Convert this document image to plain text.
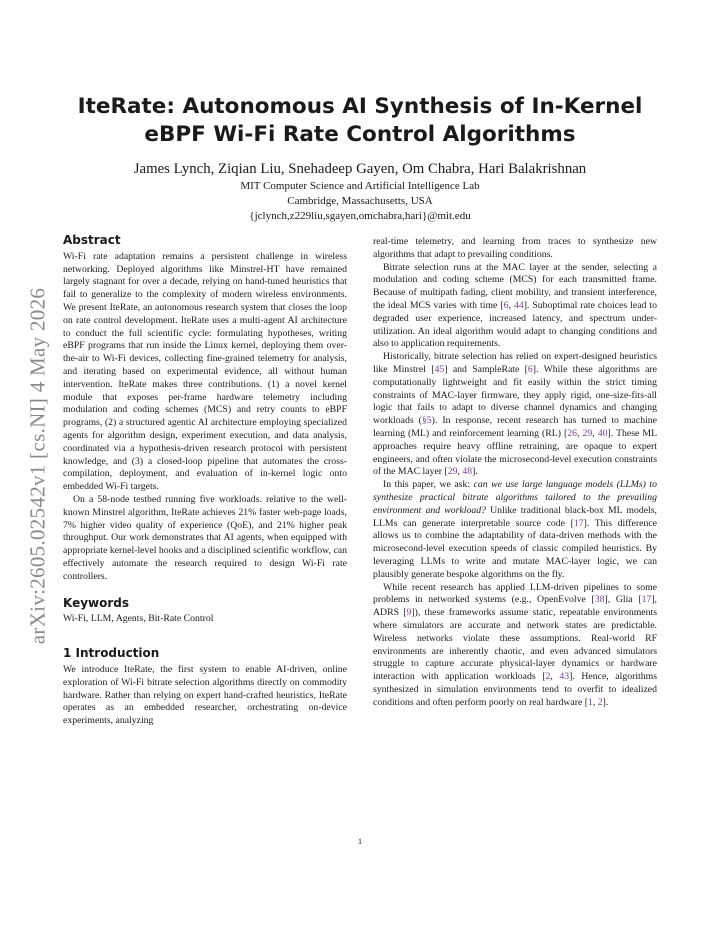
arXiv:2605.02542v1 [cs.NI] 4 May 2026
IteRate: Autonomous AI Synthesis of In-Kernel eBPF Wi-Fi Rate Control Algorithms

James Lynch, Ziqian Liu, Snehadeep Gayen, Om Chabra, Hari Balakrishnan

MIT Computer Science and Artificial Intelligence Lab

Cambridge, Massachusetts, USA

{jclynch,z229liu,sgayen,omchabra,hari}@mit.edu

Abstract

Wi-Fi rate adaptation remains a persistent challenge in wireless networking. Deployed algorithms like Minstrel-HT have remained largely stagnant for over a decade, relying on hand-tuned heuristics that fail to generalize to the complexity of modern wireless environments. We present IteRate, an autonomous research system that closes the loop on rate control development. IteRate uses a multi-agent AI architecture to conduct the full scientific cycle: formulating hypotheses, writing eBPF programs that run inside the Linux kernel, deploying them over-the-air to Wi-Fi devices, collecting fine-grained telemetry for analysis, and iterating based on experimental evidence, all without human intervention. IteRate makes three contributions. (1) a novel kernel module that exposes per-frame hardware telemetry including modulation and coding schemes (MCS) and retry counts to eBPF programs, (2) a structured agentic AI architecture employing specialized agents for algorithm design, experiment execution, and data analysis, coordinated via a hypothesis-driven research protocol with persistent knowledge, and (3) a closed-loop pipeline that automates the cross-compilation, deployment, and evaluation of in-kernel logic onto embedded Wi-Fi targets.

On a 58-node testbed running five workloads. relative to the well-known Minstrel algorithm, IteRate achieves 21% faster web-page loads, 7% higher video quality of experience (QoE), and 21% higher peak throughput. Our work demonstrates that AI agents, when equipped with appropriate kernel-level hooks and a disciplined scientific workflow, can effectively automate the research required to design Wi-Fi rate controllers.

Keywords

Wi-Fi, LLM, Agents, Bit-Rate Control

1 Introduction

We introduce IteRate, the first system to enable AI-driven, online exploration of Wi-Fi bitrate selection algorithms directly on commodity hardware. Rather than relying on expert hand-crafted heuristics, IteRate operates as an embedded researcher, orchestrating on-device experiments, analyzing

real-time telemetry, and learning from traces to synthesize new algorithms that adapt to prevailing conditions.

Bitrate selection runs at the MAC layer at the sender, selecting a modulation and coding scheme (MCS) for each transmitted frame. Because of multipath fading, client mobility, and transient interference, the ideal MCS varies with time [6, 44]. Suboptimal rate choices lead to degraded user experience, increased latency, and spectrum under-utilization. An ideal algorithm would adapt to changing conditions and also to application requirements.

Historically, bitrate selection has relied on expert-designed heuristics like Minstrel [45] and SampleRate [6]. While these algorithms are computationally lightweight and fit easily within the strict timing constraints of MAC-layer firmware, they apply rigid, one-size-fits-all logic that fails to adapt to diverse channel dynamics and changing workloads (§5). In response, recent research has turned to machine learning (ML) and reinforcement learning (RL) [26, 29, 40]. These ML approaches require heavy offline retraining, are opaque to expert engineers, and often violate the microsecond-level execution constraints of the MAC layer [29, 48].

In this paper, we ask: can we use large language models (LLMs) to synthesize practical bitrate algorithms tailored to the prevailing environment and workload? Unlike traditional black-box ML models, LLMs can generate interpretable source code [17]. This difference allows us to combine the adaptability of data-driven methods with the microsecond-level execution speeds of classic compiled heuristics. By leveraging LLMs to write and mutate MAC-layer logic, we can plausibly generate bespoke algorithms on the fly.

While recent research has applied LLM-driven pipelines to some problems in networked systems (e.g., OpenEvolve [38], Glia [17], ADRS [9]), these frameworks assume static, repeatable environments where simulators are accurate and network states are predictable. Wireless networks violate these assumptions. Real-world RF environments are inherently chaotic, and even advanced simulators struggle to capture accurate physical-layer dynamics or hardware interaction with application workloads [2, 43]. Hence, algorithms synthesized in simulation environments tend to overfit to idealized conditions and often perform poorly on real hardware [1, 2].

1
